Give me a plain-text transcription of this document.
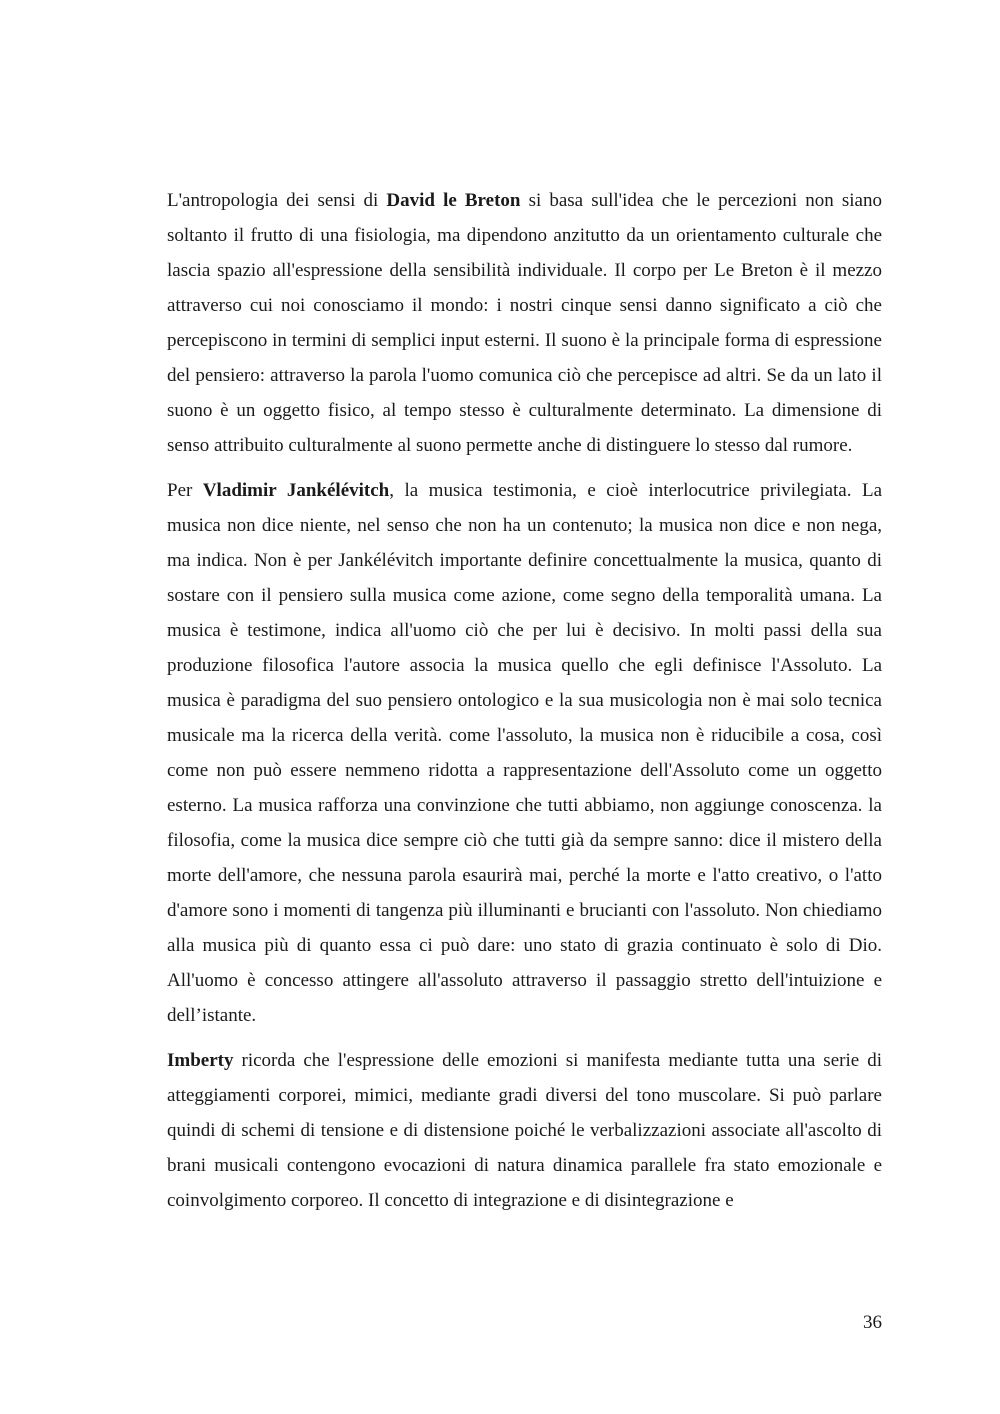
L'antropologia dei sensi di David le Breton si basa sull'idea che le percezioni non siano soltanto il frutto di una fisiologia, ma dipendono anzitutto da un orientamento culturale che lascia spazio all'espressione della sensibilità individuale. Il corpo per Le Breton è il mezzo attraverso cui noi conosciamo il mondo: i nostri cinque sensi danno significato a ciò che percepiscono in termini di semplici input esterni. Il suono è la principale forma di espressione del pensiero: attraverso la parola l'uomo comunica ciò che percepisce ad altri. Se da un lato il suono è un oggetto fisico, al tempo stesso è culturalmente determinato. La dimensione di senso attribuito culturalmente al suono permette anche di distinguere lo stesso dal rumore.

Per Vladimir Jankélévitch, la musica testimonia, e cioè interlocutrice privilegiata. La musica non dice niente, nel senso che non ha un contenuto; la musica non dice e non nega, ma indica. Non è per Jankélévitch importante definire concettualmente la musica, quanto di sostare con il pensiero sulla musica come azione, come segno della temporalità umana. La musica è testimone, indica all'uomo ciò che per lui è decisivo. In molti passi della sua produzione filosofica l'autore associa la musica quello che egli definisce l'Assoluto. La musica è paradigma del suo pensiero ontologico e la sua musicologia non è mai solo tecnica musicale ma la ricerca della verità. come l'assoluto, la musica non è riducibile a cosa, così come non può essere nemmeno ridotta a rappresentazione dell'Assoluto come un oggetto esterno. La musica rafforza una convinzione che tutti abbiamo, non aggiunge conoscenza. la filosofia, come la musica dice sempre ciò che tutti già da sempre sanno: dice il mistero della morte dell'amore, che nessuna parola esaurirà mai, perché la morte e l'atto creativo, o l'atto d'amore sono i momenti di tangenza più illuminanti e brucianti con l'assoluto. Non chiediamo alla musica più di quanto essa ci può dare: uno stato di grazia continuato è solo di Dio. All'uomo è concesso attingere all'assoluto attraverso il passaggio stretto dell'intuizione e dell’istante.

Imberty ricorda che l'espressione delle emozioni si manifesta mediante tutta una serie di atteggiamenti corporei, mimici, mediante gradi diversi del tono muscolare. Si può parlare quindi di schemi di tensione e di distensione poiché le verbalizzazioni associate all'ascolto di brani musicali contengono evocazioni di natura dinamica parallele fra stato emozionale e coinvolgimento corporeo. Il concetto di integrazione e di disintegrazione e

36
